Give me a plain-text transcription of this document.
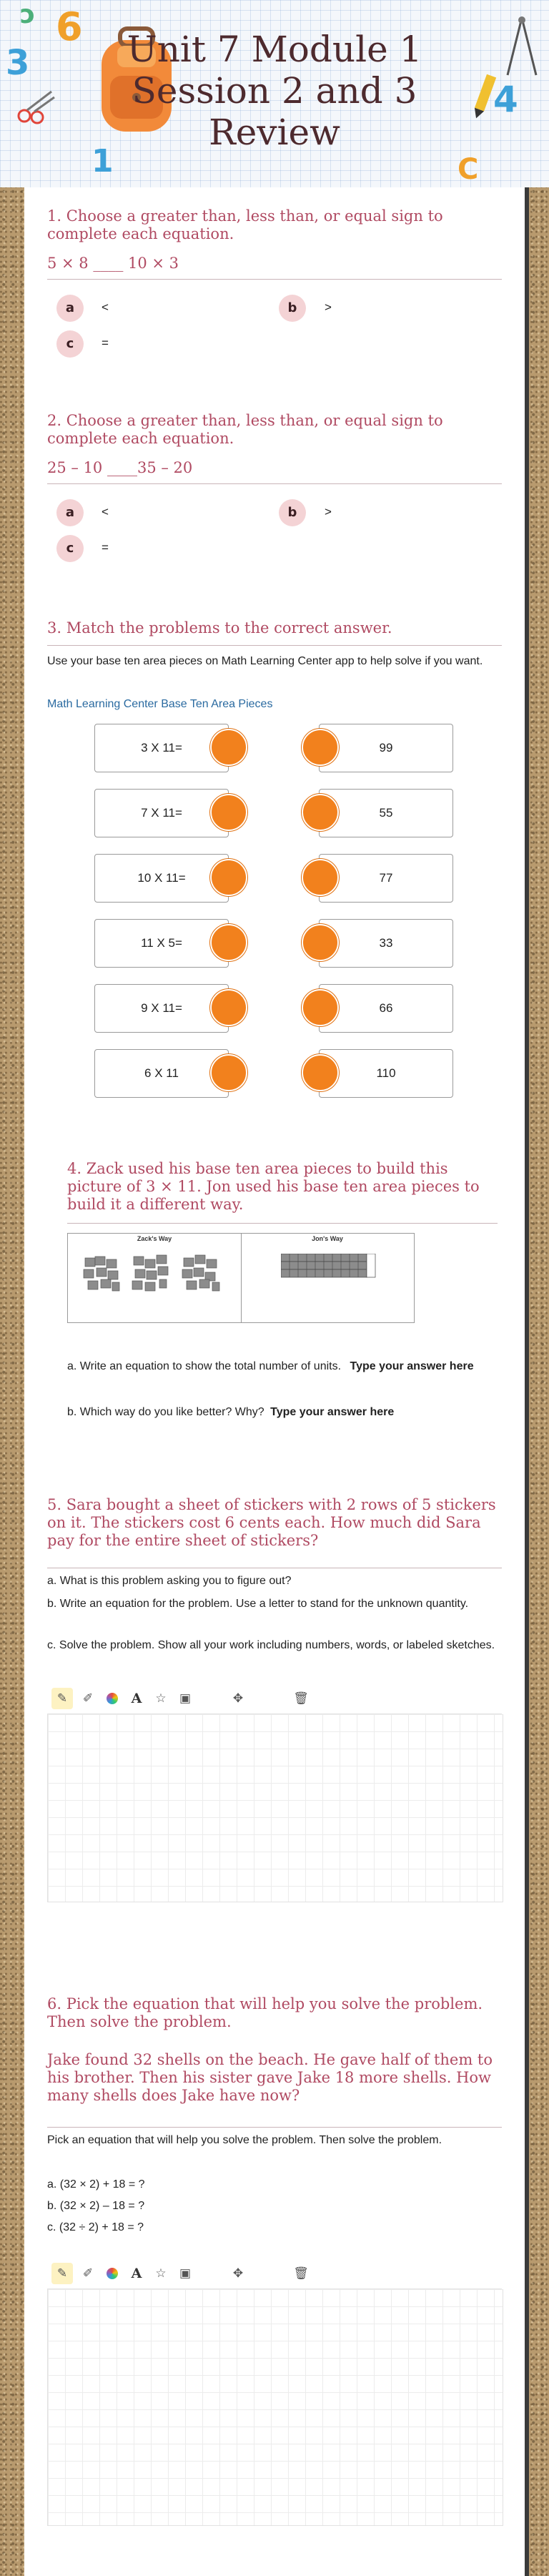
6
3
4
1	C
ↄ
Unit 7 Module 1 Session 2 and 3 Review

1. Choose a greater than, less than, or equal sign to complete each equation.

5 × 8 ____ 10 × 3
a	<	b	>
c	=

2. Choose a greater than, less than, or equal sign to complete each equation.

25 – 10 ____35 – 20
a	<	b	>
c	=

3. Match the problems to the correct answer.

Use your base ten area pieces on Math Learning Center app to help solve if you want.
Math Learning Center Base Ten Area Pieces
3 X 11=
7 X 11=
10 X 11=
11 X 5=
9 X 11=
6 X 11
99
55
77
33
66
110

4. Zack used his base ten area pieces to build this picture of 3 × 11. Jon used his base ten area pieces to build it a different way.

Zack's Way	Jon's Way
a. Write an equation to show the total number of units. Type your answer here
b. Which way do you like better? Why? Type your answer here

5. Sara bought a sheet of stickers with 2 rows of 5 stickers on it. The stickers cost 6 cents each. How much did Sara pay for the entire sheet of stickers?

a. What is this problem asking you to figure out?
b. Write an equation for the problem. Use a letter to stand for the unknown quantity.
c. Solve the problem. Show all your work including numbers, words, or labeled sketches.
✎	✐	A	☆	▣	✥	🗑

6. Pick the equation that will help you solve the problem. Then solve the problem.

Jake found 32 shells on the beach. He gave half of them to his brother. Then his sister gave Jake 18 more shells. How many shells does Jake have now?

Pick an equation that will help you solve the problem. Then solve the problem.
a. (32 × 2) + 18 = ?
b. (32 × 2) – 18 = ?
c. (32 ÷ 2) + 18 = ?
✎	✐	A	☆	▣	✥	🗑
